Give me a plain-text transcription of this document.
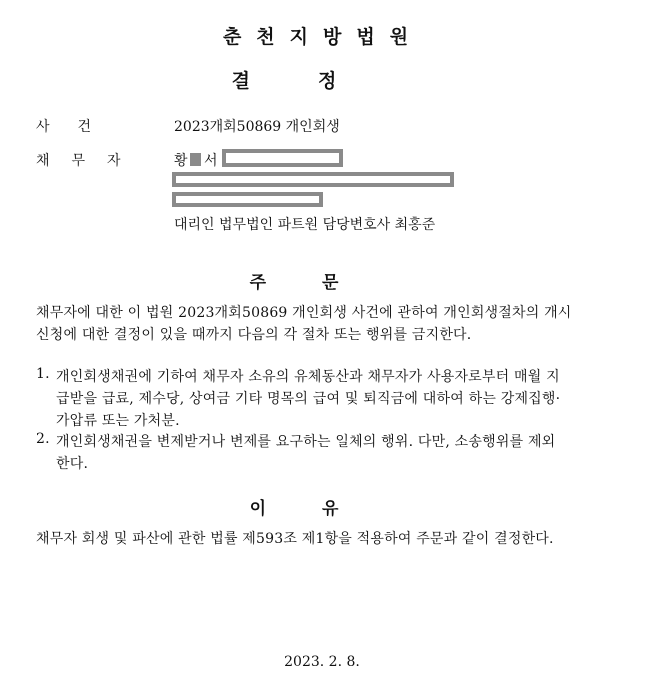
춘천지방법원
결정
사건	2023개회50869 개인회생
채무자 황 서
대리인 법무법인 파트원 담당변호사 최홍준
주문
채무자에 대한 이 법원 2023개회50869 개인회생 사건에 관하여 개인회생절차의 개시
신청에 대한 결정이 있을 때까지 다음의 각 절차 또는 행위를 금지한다.
1. 개인회생채권에 기하여 채무자 소유의 유체동산과 채무자가 사용자로부터 매월 지
급받을 급료, 제수당, 상여금 기타 명목의 급여 및 퇴직금에 대하여 하는 강제집행·
가압류 또는 가처분.
2. 개인회생채권을 변제받거나 변제를 요구하는 일체의 행위. 다만, 소송행위를 제외
한다.
이유
채무자 회생 및 파산에 관한 법률 제593조 제1항을 적용하여 주문과 같이 결정한다.
2023. 2. 8.
